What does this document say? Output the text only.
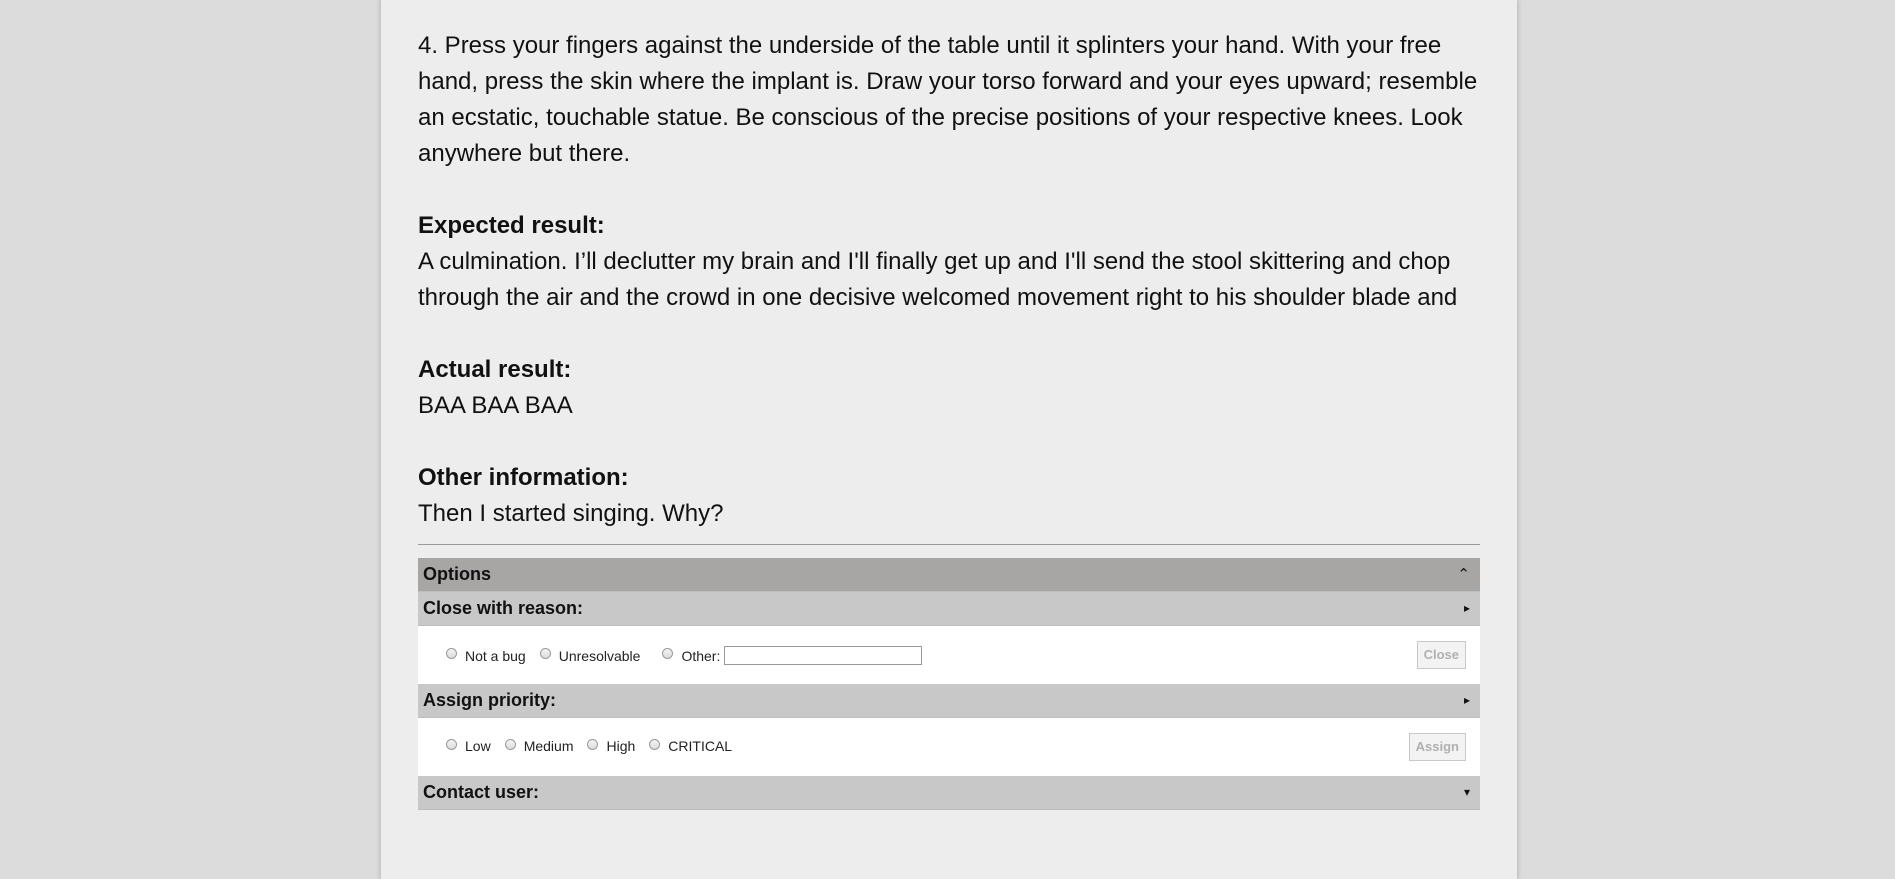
4. Press your fingers against the underside of the table until it splinters your hand. With your free hand, press the skin where the implant is. Draw your torso forward and your eyes upward; resemble an ecstatic, touchable statue. Be conscious of the precise positions of your respective knees. Look anywhere but there.

Expected result:

A culmination. I’ll declutter my brain and I'll finally get up and I'll send the stool skittering and chop through the air and the crowd in one decisive welcomed movement right to his shoulder blade and

Actual result:

BAA BAA BAA

Other information:

Then I started singing. Why?

Options	⌃︎
Close with reason:	▸
Not a bug Unresolvable	Other:	Close
Assign priority:	▸
Low Medium High CRITICAL	Assign
Contact user:	▾
